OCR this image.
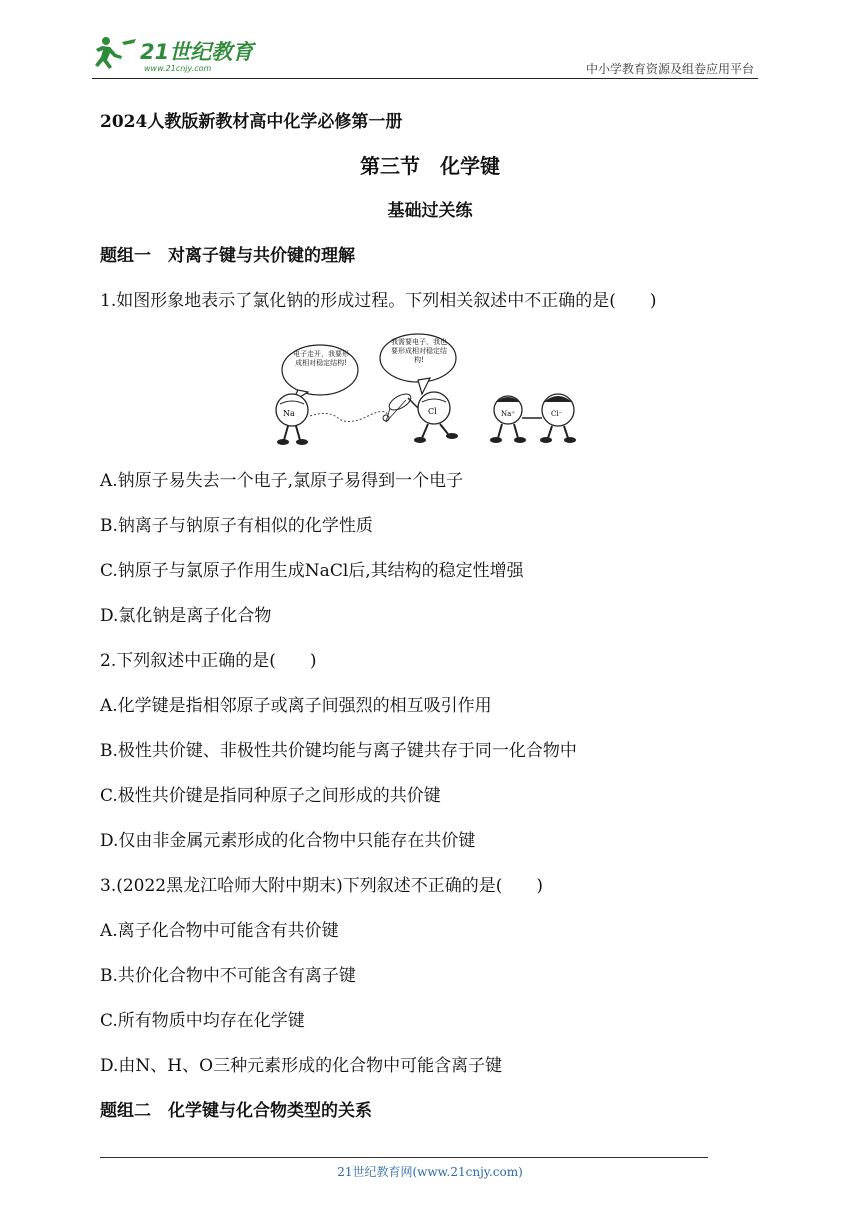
21世纪教育
www.21cnjy.com	中小学教育资源及组卷应用平台
2024人教版新教材高中化学必修第一册
第三节　化学键
基础过关练
题组一　对离子键与共价键的理解
1.如图形象地表示了氯化钠的形成过程。下列相关叙述中不正确的是(　　)
电子走开，我要形成相对稳定结构!
我需要电子，我也要形成相对稳定结构!
Na	Cl	Na⁺	Cl⁻
A.钠原子易失去一个电子,氯原子易得到一个电子
B.钠离子与钠原子有相似的化学性质
C.钠原子与氯原子作用生成NaCl后,其结构的稳定性增强
D.氯化钠是离子化合物
2.下列叙述中正确的是(　　)
A.化学键是指相邻原子或离子间强烈的相互吸引作用
B.极性共价键、非极性共价键均能与离子键共存于同一化合物中
C.极性共价键是指同种原子之间形成的共价键
D.仅由非金属元素形成的化合物中只能存在共价键
3.(2022黑龙江哈师大附中期末)下列叙述不正确的是(　　)
A.离子化合物中可能含有共价键
B.共价化合物中不可能含有离子键
C.所有物质中均存在化学键
D.由N、H、O三种元素形成的化合物中可能含离子键
题组二　化学键与化合物类型的关系
21世纪教育网(www.21cnjy.com)
